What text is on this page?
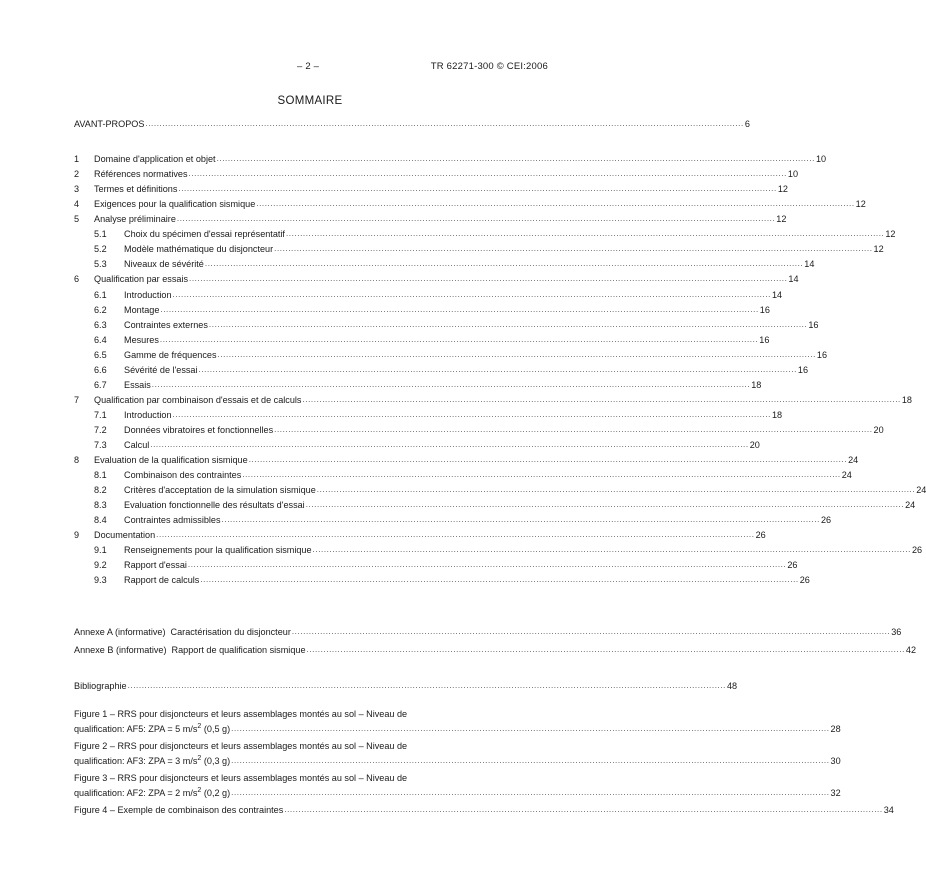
– 2 –	TR 62271-300 © CEI:2006
SOMMAIRE
AVANT-PROPOS .................................................................................................................................................................................................................... 6
1	Domaine d'application et objet .................................................................................................................................................................................................................... 10
2	Références normatives .................................................................................................................................................................................................................... 10
3	Termes et définitions .................................................................................................................................................................................................................... 12
4	Exigences pour la qualification sismique .................................................................................................................................................................................................................... 12
5	Analyse préliminaire .................................................................................................................................................................................................................... 12
5.1	Choix du spécimen d'essai représentatif .................................................................................................................................................................................................................... 12
5.2	Modèle mathématique du disjoncteur .................................................................................................................................................................................................................... 12
5.3	Niveaux de sévérité .................................................................................................................................................................................................................... 14
6	Qualification par essais .................................................................................................................................................................................................................... 14
6.1	Introduction .................................................................................................................................................................................................................... 14
6.2	Montage .................................................................................................................................................................................................................... 16
6.3	Contraintes externes .................................................................................................................................................................................................................... 16
6.4	Mesures .................................................................................................................................................................................................................... 16
6.5	Gamme de fréquences .................................................................................................................................................................................................................... 16
6.6	Sévérité de l'essai .................................................................................................................................................................................................................... 16
6.7	Essais .................................................................................................................................................................................................................... 18
7	Qualification par combinaison d'essais et de calculs .................................................................................................................................................................................................................... 18
7.1	Introduction .................................................................................................................................................................................................................... 18
7.2	Données vibratoires et fonctionnelles .................................................................................................................................................................................................................... 20
7.3	Calcul .................................................................................................................................................................................................................... 20
8	Evaluation de la qualification sismique .................................................................................................................................................................................................................... 24
8.1	Combinaison des contraintes .................................................................................................................................................................................................................... 24
8.2	Critères d'acceptation de la simulation sismique .................................................................................................................................................................................................................... 24
8.3	Evaluation fonctionnelle des résultats d'essai .................................................................................................................................................................................................................... 24
8.4	Contraintes admissibles .................................................................................................................................................................................................................... 26
9	Documentation .................................................................................................................................................................................................................... 26
9.1	Renseignements pour la qualification sismique .................................................................................................................................................................................................................... 26
9.2	Rapport d'essai .................................................................................................................................................................................................................... 26
9.3	Rapport de calculs .................................................................................................................................................................................................................... 26
Annexe A (informative)  Caractérisation du disjoncteur .................................................................................................................................................................................................................... 36
Annexe B (informative)  Rapport de qualification sismique .................................................................................................................................................................................................................... 42
Bibliographie .................................................................................................................................................................................................................... 48
Figure 1 – RRS pour disjoncteurs et leurs assemblages montés au sol – Niveau de
qualification: AF5: ZPA = 5 $m/s^2$ (0,5 g) .................................................................................................................................................................................................................... 28
Figure 2 – RRS pour disjoncteurs et leurs assemblages montés au sol – Niveau de
qualification: AF3: ZPA = 3 $m/s^2$ (0,3 g) .................................................................................................................................................................................................................... 30
Figure 3 – RRS pour disjoncteurs et leurs assemblages montés au sol – Niveau de
qualification: AF2: ZPA = 2 $m/s^2$ (0,2 g) .................................................................................................................................................................................................................... 32
Figure 4 – Exemple de combinaison des contraintes .................................................................................................................................................................................................................... 34
